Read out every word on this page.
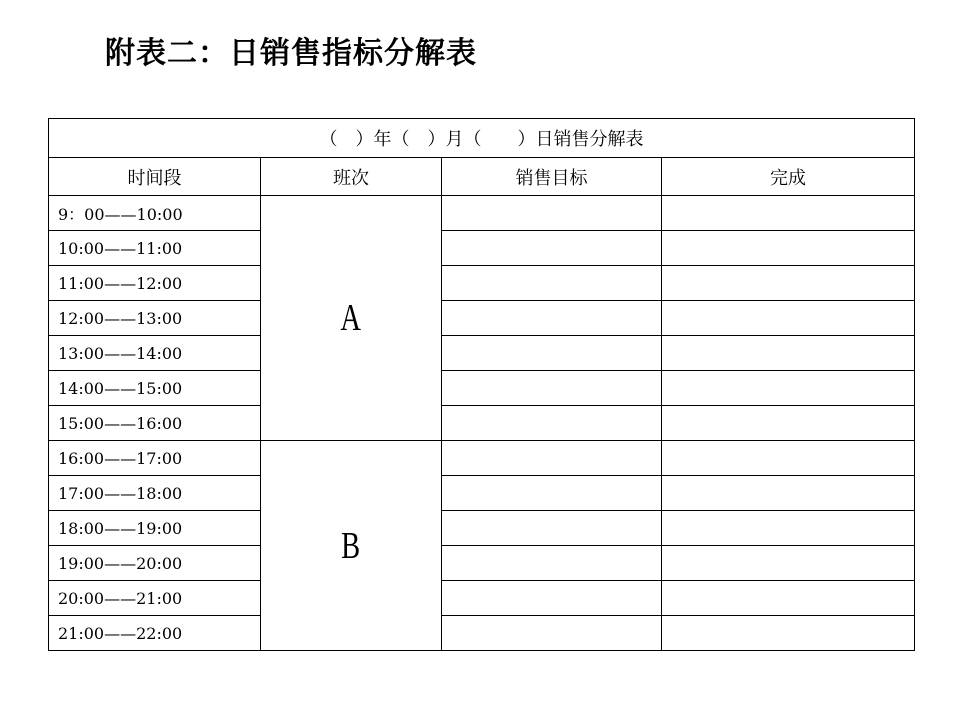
附表二：日销售指标分解表
（　）年（　）月（　　）日销售分解表			
时间段	班次	销售目标	完成
9：00——10:00	A		
10:00——11:00			
11:00——12:00			
12:00——13:00			
13:00——14:00			
14:00——15:00			
15:00——16:00			
16:00——17:00	B		
17:00——18:00			
18:00——19:00			
19:00——20:00			
20:00——21:00			
21:00——22:00			
